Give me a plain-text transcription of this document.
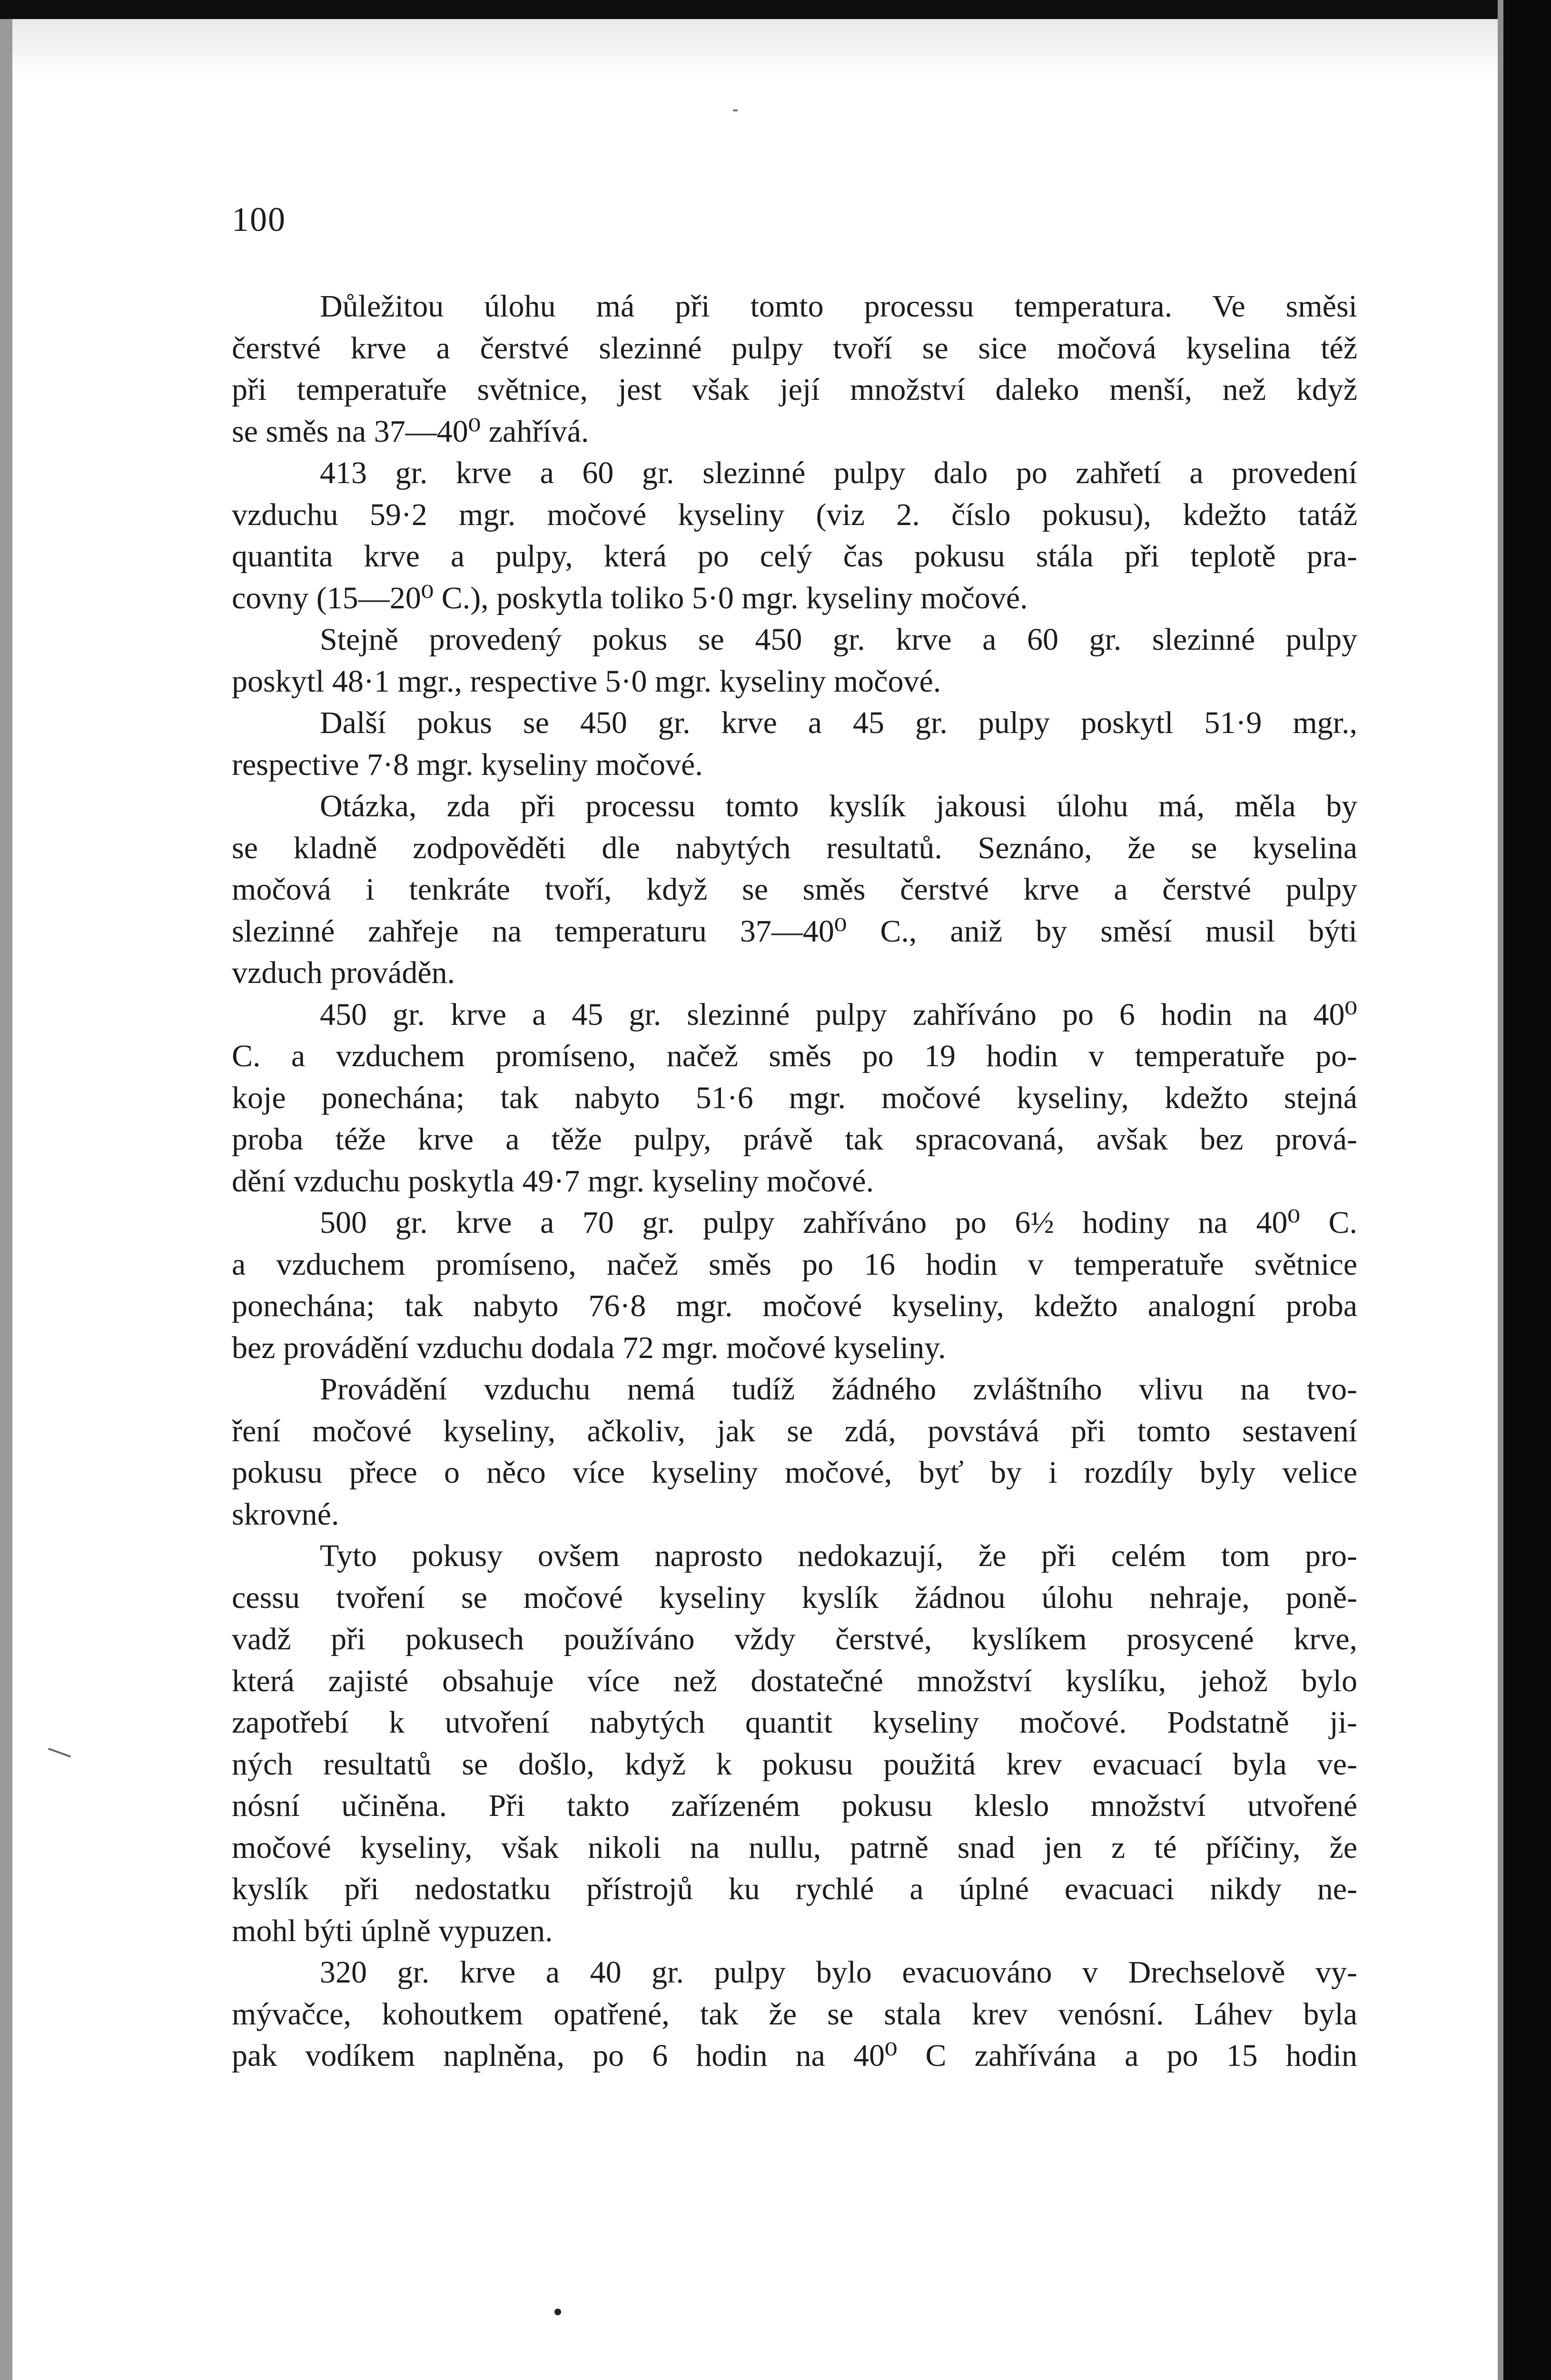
100
Důležitou úlohu má při tomto processu temperatura. Ve směsi
čerstvé krve a čerstvé slezinné pulpy tvoří se sice močová kyselina též
při temperatuře světnice, jest však její množství daleko menší, než když
se směs na 37—40⁰ zahřívá.
413 gr. krve a 60 gr. slezinné pulpy dalo po zahřetí a provedení
vzduchu 59·2 mgr. močové kyseliny (viz 2. číslo pokusu), kdežto tatáž
quantita krve a pulpy, která po celý čas pokusu stála při teplotě pra-
covny (15—20⁰ C.), poskytla toliko 5·0 mgr. kyseliny močové.
Stejně provedený pokus se 450 gr. krve a 60 gr. slezinné pulpy
poskytl 48·1 mgr., respective 5·0 mgr. kyseliny močové.
Další pokus se 450 gr. krve a 45 gr. pulpy poskytl 51·9 mgr.,
respective 7·8 mgr. kyseliny močové.
Otázka, zda při processu tomto kyslík jakousi úlohu má, měla by
se kladně zodpověděti dle nabytých resultatů. Seznáno, že se kyselina
močová i tenkráte tvoří, když se směs čerstvé krve a čerstvé pulpy
slezinné zahřeje na temperaturu 37—40⁰ C., aniž by směsí musil býti
vzduch prováděn.
450 gr. krve a 45 gr. slezinné pulpy zahříváno po 6 hodin na 40⁰
C. a vzduchem promíseno, načež směs po 19 hodin v temperatuře po-
koje ponechána; tak nabyto 51·6 mgr. močové kyseliny, kdežto stejná
proba téže krve a těže pulpy, právě tak spracovaná, avšak bez prová-
dění vzduchu poskytla 49·7 mgr. kyseliny močové.
500 gr. krve a 70 gr. pulpy zahříváno po 6½ hodiny na 40⁰ C.
a vzduchem promíseno, načež směs po 16 hodin v temperatuře světnice
ponechána; tak nabyto 76·8 mgr. močové kyseliny, kdežto analogní proba
bez provádění vzduchu dodala 72 mgr. močové kyseliny.
Provádění vzduchu nemá tudíž žádného zvláštního vlivu na tvo-
ření močové kyseliny, ačkoliv, jak se zdá, povstává při tomto sestavení
pokusu přece o něco více kyseliny močové, byť by i rozdíly byly velice
skrovné.
Tyto pokusy ovšem naprosto nedokazují, že při celém tom pro-
cessu tvoření se močové kyseliny kyslík žádnou úlohu nehraje, poně-
vadž při pokusech používáno vždy čerstvé, kyslíkem prosycené krve,
která zajisté obsahuje více než dostatečné množství kyslíku, jehož bylo
zapotřebí k utvoření nabytých quantit kyseliny močové. Podstatně ji-
ných resultatů se došlo, když k pokusu použitá krev evacuací byla ve-
nósní učiněna. Při takto zařízeném pokusu kleslo množství utvořené
močové kyseliny, však nikoli na nullu, patrně snad jen z té příčiny, že
kyslík při nedostatku přístrojů ku rychlé a úplné evacuaci nikdy ne-
mohl býti úplně vypuzen.
320 gr. krve a 40 gr. pulpy bylo evacuováno v Drechselově vy-
mývačce, kohoutkem opatřené, tak že se stala krev venósní. Láhev byla
pak vodíkem naplněna, po 6 hodin na 40⁰ C zahřívána a po 15 hodin
